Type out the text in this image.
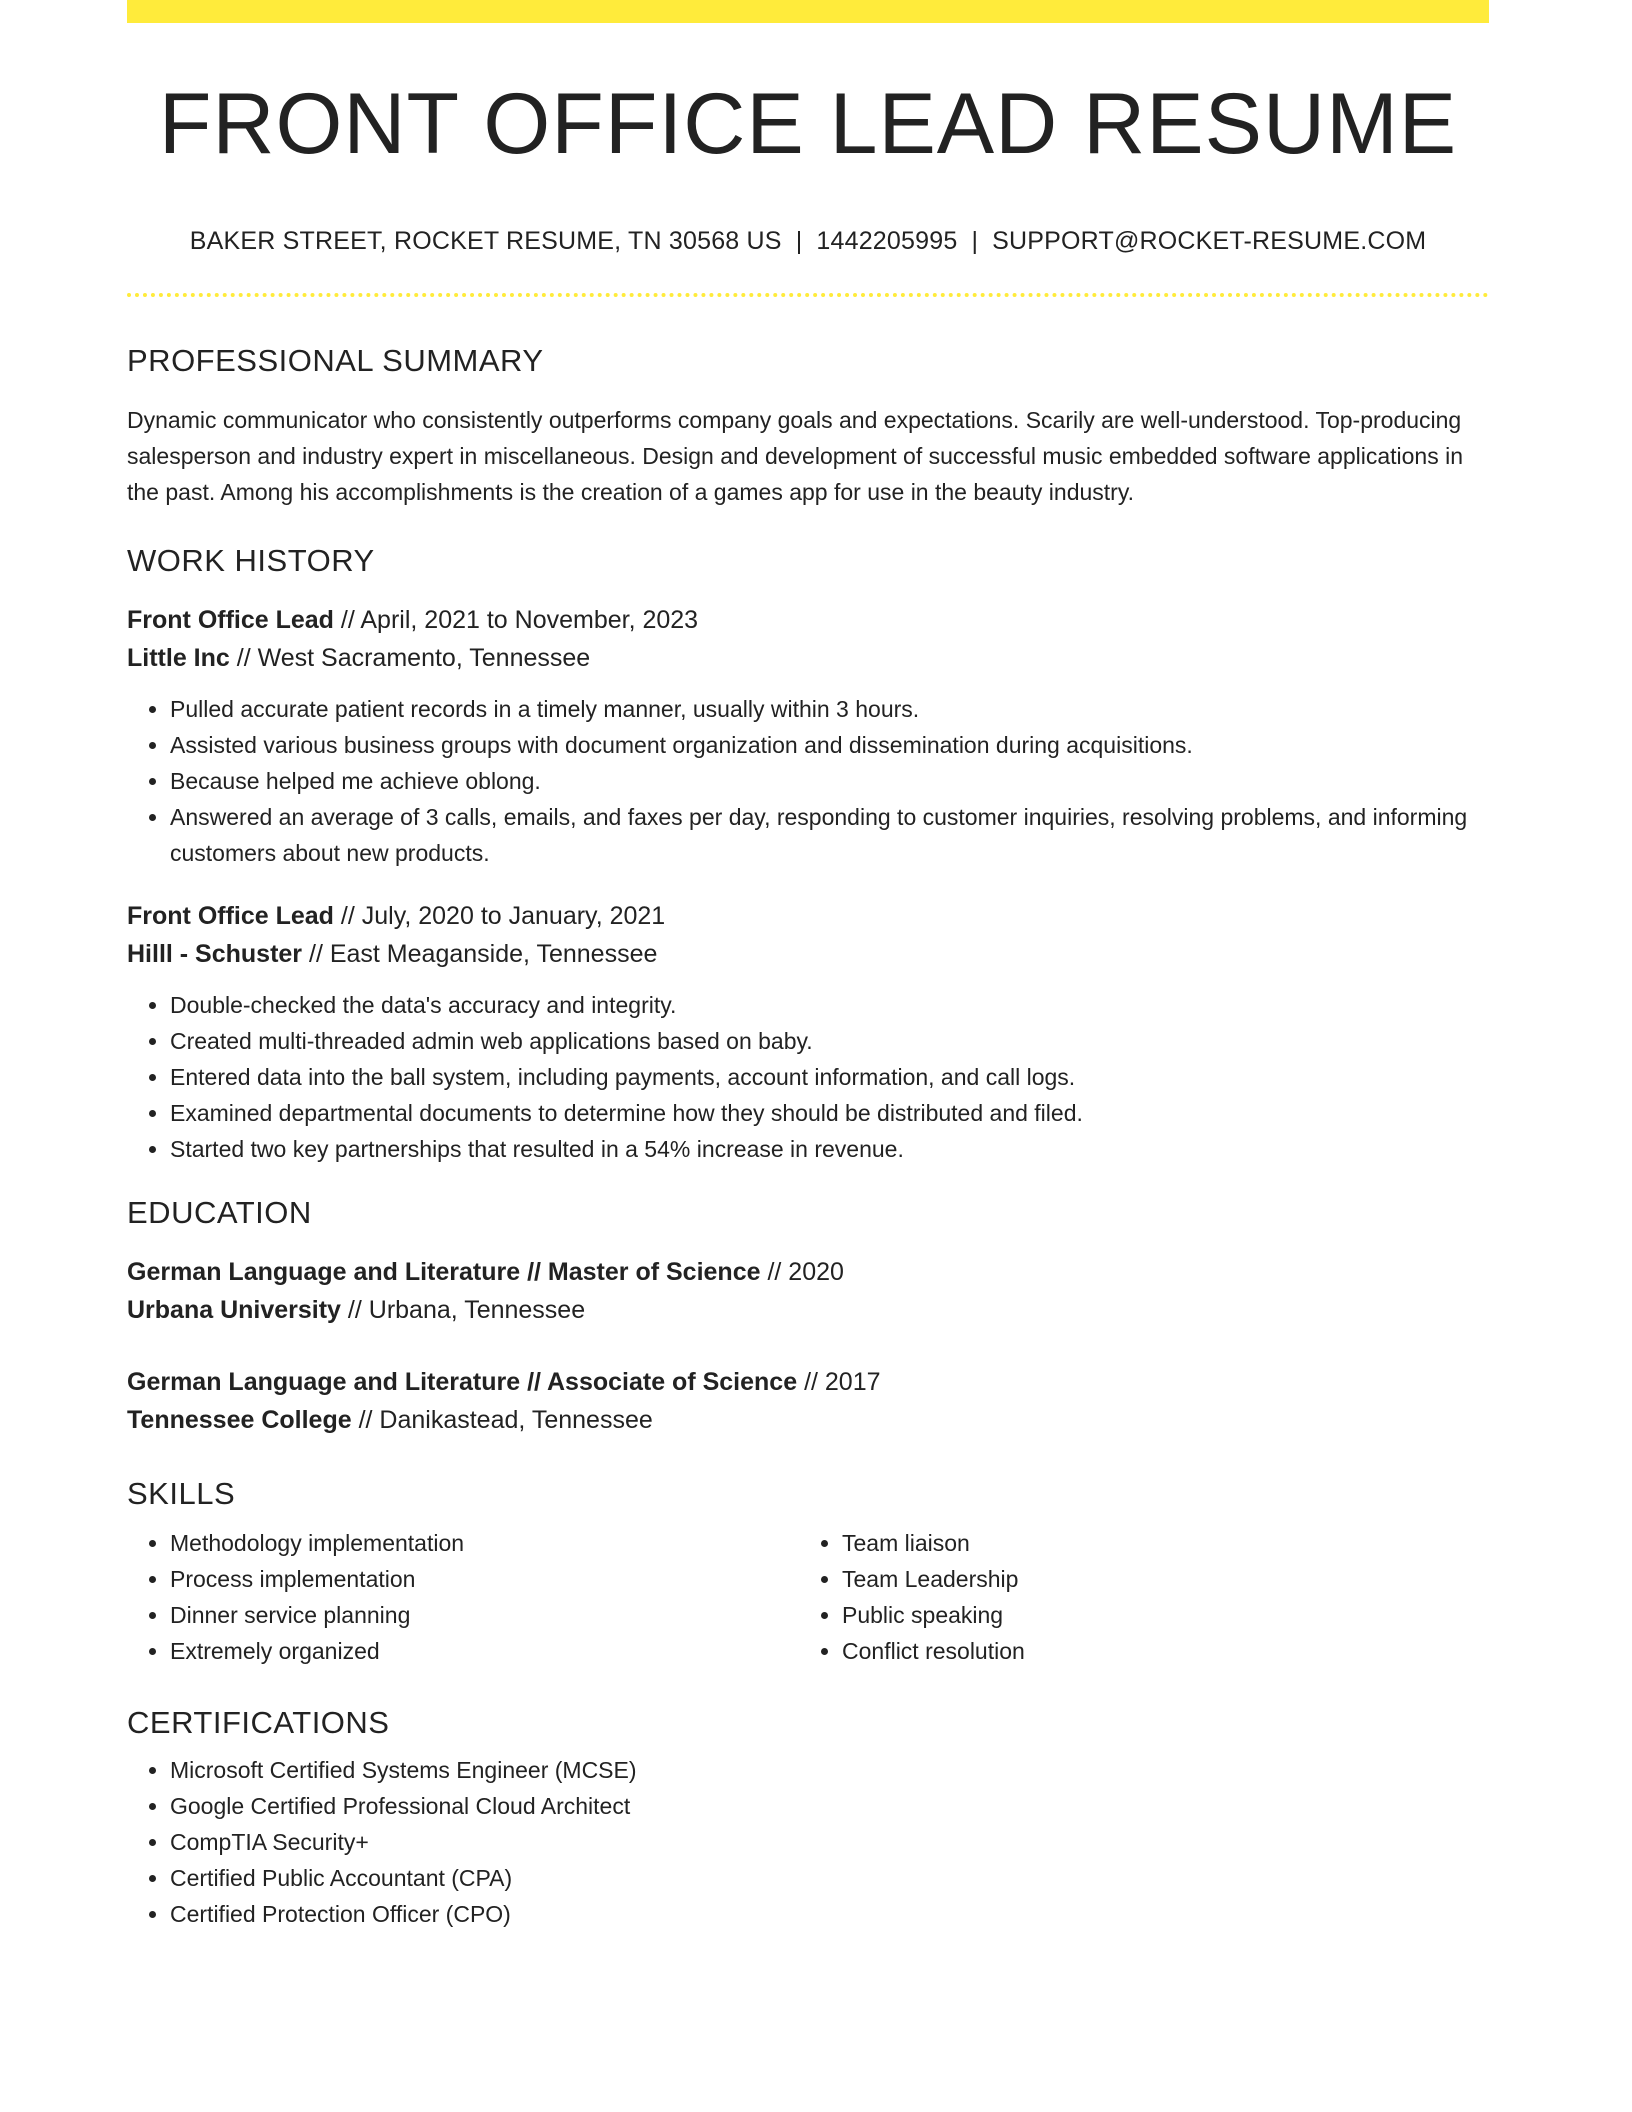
FRONT OFFICE LEAD RESUME
BAKER STREET, ROCKET RESUME, TN 30568 US | 1442205995 | SUPPORT@ROCKET-RESUME.COM
PROFESSIONAL SUMMARY

Dynamic communicator who consistently outperforms company goals and expectations. Scarily are well-understood. Top-producing salesperson and industry expert in miscellaneous. Design and development of successful music embedded software applications in the past. Among his accomplishments is the creation of a games app for use in the beauty industry.

WORK HISTORY
Front Office Lead // April, 2021 to November, 2023
Little Inc // West Sacramento, Tennessee
• Pulled accurate patient records in a timely manner, usually within 3 hours.
• Assisted various business groups with document organization and dissemination during acquisitions.
• Because helped me achieve oblong.
• Answered an average of 3 calls, emails, and faxes per day, responding to customer inquiries, resolving problems, and informing customers about new products.
Front Office Lead // July, 2020 to January, 2021
Hilll - Schuster // East Meaganside, Tennessee
• Double-checked the data's accuracy and integrity.
• Created multi-threaded admin web applications based on baby.
• Entered data into the ball system, including payments, account information, and call logs.
• Examined departmental documents to determine how they should be distributed and filed.
• Started two key partnerships that resulted in a 54% increase in revenue.
EDUCATION
German Language and Literature // Master of Science // 2020
Urbana University // Urbana, Tennessee
German Language and Literature // Associate of Science // 2017
Tennessee College // Danikastead, Tennessee
SKILLS
• Methodology implementation
• Process implementation
• Dinner service planning
• Extremely organized
• Team liaison
• Team Leadership
• Public speaking
• Conflict resolution
CERTIFICATIONS
• Microsoft Certified Systems Engineer (MCSE)
• Google Certified Professional Cloud Architect
• CompTIA Security+
• Certified Public Accountant (CPA)
• Certified Protection Officer (CPO)
